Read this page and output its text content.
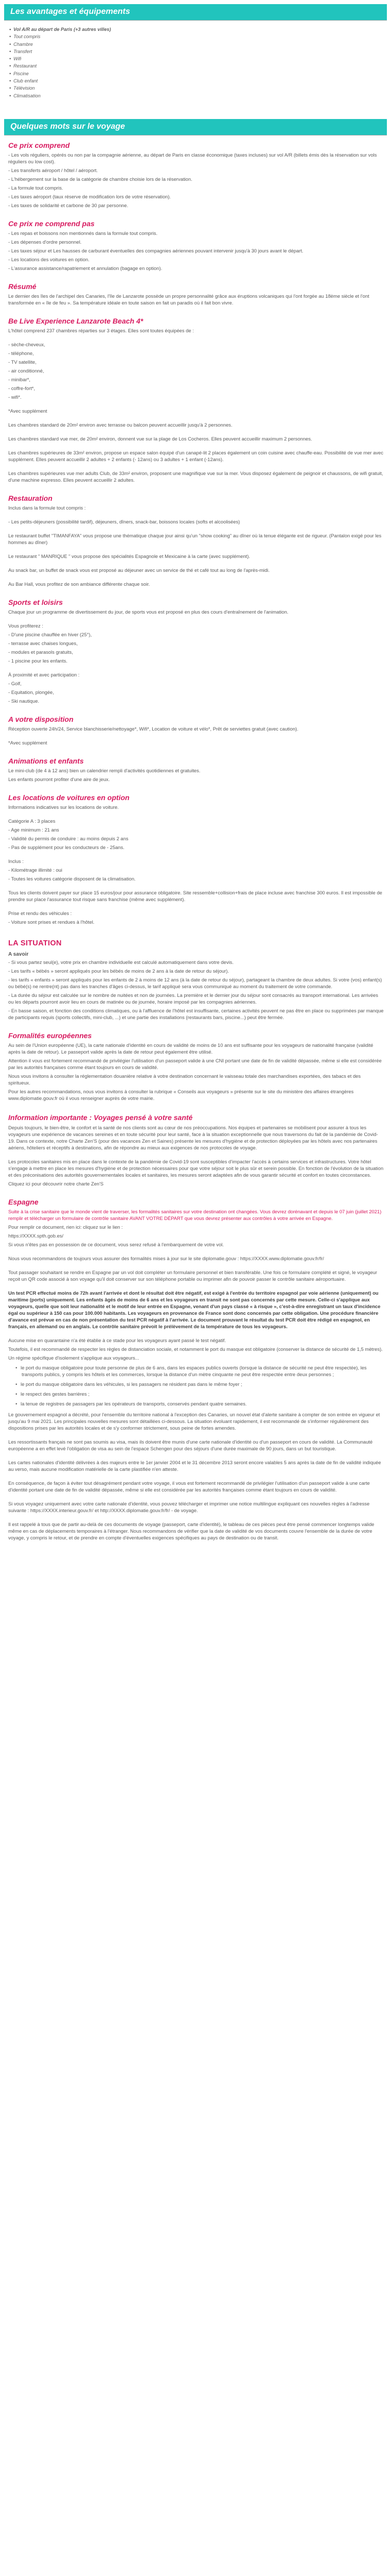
Les avantages et équipements
• Vol A/R au départ de Paris (+3 autres villes)
• Tout compris
• Chambre
• Transfert
• Wifi
• Restaurant
• Piscine
• Club enfant
• Télévision
• Climatisation
Quelques mots sur le voyage
Ce prix comprend
- Les vols réguliers, opérés ou non par la compagnie aérienne, au départ de Paris en classe économique (taxes incluses) sur vol A/R (billets émis dès la réservation sur vols réguliers ou low cost).
- Les transferts aéroport / hôtel / aéroport.
- L'hébergement sur la base de la catégorie de chambre choisie lors de la réservation.
- La formule tout compris.
- Les taxes aéroport (taux réserve de modification lors de votre réservation).
- Les taxes de solidarité et carbone de 30 par personne.
Ce prix ne comprend pas
- Les repas et boissons non mentionnés dans la formule tout compris.
- Les dépenses d'ordre personnel.
- Les taxes séjour et Les hausses de carburant éventuelles des compagnies aériennes pouvant intervenir jusqu'à 30 jours avant le départ.
- Les locations des voitures en option.
- L'assurance assistance/rapatriement et annulation (bagage en option).
Résumé
Le dernier des îles de l'archipel des Canaries, l'île de Lanzarote possède un propre personnalité grâce aux éruptions volcaniques qui l'ont forgée au 18ème siècle et l'ont transformée en « île de feu ». Sa température idéale en toute saison en fait un paradis où il fait bon vivre.
Be Live Experience Lanzarote Beach 4*
L'hôtel comprend 237 chambres réparties sur 3 étages. Elles sont toutes équipées de :
- sèche-cheveux,
- téléphone,
- TV satellite,
- air conditionné,
- minibar*,
- coffre-fort*,
- wifi*.
*Avec supplément
Les chambres standard de 20m² environ avec terrasse ou balcon peuvent accueillir jusqu'à 2 personnes.
Les chambres standard vue mer, de 20m² environ, donnent vue sur la plage de Los Cocheros. Elles peuvent accueillir maximum 2 personnes.
Les chambres supérieures de 33m² environ, propose un espace salon équipé d'un canapé-lit 2 places également un coin cuisine avec chauffe-eau. Possibilité de vue mer avec supplément. Elles peuvent accueillir 2 adultes + 2 enfants (- 12ans) ou 3 adultes + 1 enfant (-12ans).
Les chambres supérieures vue mer adults Club, de 33m² environ, proposent une magnifique vue sur la mer. Vous disposez également de peignoir et chaussons, de wifi gratuit, d'une machine expresso. Elles peuvent accueillir 2 adultes.
Restauration
Inclus dans la formule tout compris :
- Les petits-déjeuners (possibilité tardif), déjeuners, dîners, snack-bar, boissons locales (softs et alcoolisées)
Le restaurant buffet "TIMANFAYA" vous propose une thématique chaque jour ainsi qu'un "show cooking" au dîner où la tenue élégante est de rigueur. (Pantalon exigé pour les hommes au dîner)
Le restaurant " MANRIQUE " vous propose des spécialités Espagnole et Mexicaine à la carte (avec supplément).
Au snack bar, un buffet de snack vous est proposé au déjeuner avec un service de thé et café tout au long de l'après-midi.
Au Bar Hall, vous profitez de son ambiance différente chaque soir.
Sports et loisirs
Chaque jour un programme de divertissement du jour, de sports vous est proposé en plus des cours d'entraînement de l'animation.
Vous profiterez :
- D'une piscine chauffée en hiver (25°),
- terrasse avec chaises longues,
- modules et parasols gratuits,
- 1 piscine pour les enfants.
À proximité et avec participation :
- Golf,
- Equitation, plongée,
- Ski nautique.
A votre disposition
Réception ouverte 24h/24, Service blanchisserie/nettoyage*, Wifi*, Location de voiture et vélo*, Prêt de serviettes gratuit (avec caution).
*Avec supplément
Animations et enfants
Le mini-club (de 4 à 12 ans) bien un calendrier rempli d'activités quotidiennes et gratuites.
Les enfants pourront profiter d'une aire de jeux.
Les locations de voitures en option
Informations indicatives sur les locations de voiture.
Catégorie A : 3 places
- Age minimum : 21 ans
- Validité du permis de conduire : au moins depuis 2 ans
- Pas de supplément pour les conducteurs de - 25ans.
Inclus :
- Kilométrage illimité : oui
- Toutes les voitures catégorie disposent de la climatisation.
Tous les clients doivent payer sur place 15 euros/jour pour assurance obligatoire. Site ressemble+collision+frais de place incluse avec franchise 300 euros. Il est impossible de prendre sur place l'assurance tout risque sans franchise (même avec supplément).
Prise et rendu des véhicules :
- Voiture sont prises et rendues à l'hôtel.
LA SITUATION
A savoir
- Si vous partez seul(e), votre prix en chambre individuelle est calculé automatiquement dans votre devis.
- Les tarifs « bébés » seront appliqués pour les bébés de moins de 2 ans à la date de retour du séjour).
- les tarifs « enfants » seront appliqués pour les enfants de 2 à moins de 12 ans (à la date de retour du séjour), partageant la chambre de deux adultes. Si votre (vos) enfant(s) ou bébé(s) ne rentre(nt) pas dans les tranches d'âges ci-dessus, le tarif appliqué sera vous communiqué au moment du traitement de votre commande.
- La durée du séjour est calculée sur le nombre de nuitées et non de journées. La première et le dernier jour du séjour sont consacrés au transport international. Les arrivées ou les départs pourront avoir lieu en cours de matinée ou de journée, horaire imposé par les compagnies aériennes.
- En basse saison, et fonction des conditions climatiques, ou à l'affluence de l'hôtel est insuffisante, certaines activités peuvent ne pas être en place ou supprimées par manque de participants requis (sports collectifs, mini-club, ...) et une partie des installations (restaurants bars, piscine...) peut être fermée.
Formalités européennes
Au sein de l'Union européenne (UE), la carte nationale d'identité en cours de validité de moins de 10 ans est suffisante pour les voyageurs de nationalité française (validité après la date de retour). Le passeport valide après la date de retour peut également être utilisé.
Attention il vous est fortement recommandé de privilégier l'utilisation d'un passeport valide à une CNI portant une date de fin de validité dépassée, même si elle est considérée par les autorités françaises comme étant toujours en cours de validité.
Nous vous invitons à consulter la réglementation douanière relative à votre destination concernant le vaisseau totale des marchandises exportées, des tabacs et des spiritueux.
Pour les autres recommandations, nous vous invitons à consulter la rubrique « Conseils aux voyageurs » présente sur le site du ministère des affaires étrangères www.diplomatie.gouv.fr où il vous renseigner auprès de votre mairie.
Information importante : Voyages pensé à votre santé
Depuis toujours, le bien-être, le confort et la santé de nos clients sont au cœur de nos préoccupations. Nos équipes et partenaires se mobilisent pour assurer à tous les voyageurs une expérience de vacances sereines et en toute sécurité pour leur santé, face à la situation exceptionnelle que nous traversons du fait de la pandémie de Covid-19. Dans ce contexte, notre Charte Zen'S (pour des vacances Zen et Saines) présente les mesures d'hygiène et de protection déployées par les hôtels avec nos partenaires aériens, hôteliers et réceptifs à destinations, afin de répondre au mieux aux exigences de nos protocoles de voyage.
Les protocoles sanitaires mis en place dans le contexte de la pandémie de Covid-19 sont susceptibles d'impacter l'accès à certains services et infrastructures. Votre hôtel s'engage à mettre en place les mesures d'hygiène et de protection nécessaires pour que votre séjour soit le plus sûr et serein possible. En fonction de l'évolution de la situation et des préconisations des autorités gouvernementales locales et sanitaires, les mesures seront adaptées afin de vous garantir sécurité et confort en toutes circonstances.
Cliquez ici pour découvrir notre charte Zen'S
Espagne
Suite à la crise sanitaire que le monde vient de traverser, les formalités sanitaires sur votre destination ont changées. Vous devrez dorénavant et depuis le 07 juin (juillet 2021) remplir et télécharger un formulaire de contrôle sanitaire AVANT VOTRE DÉPART que vous devrez présenter aux contrôles à votre arrivée en Espagne.
Pour remplir ce document, rien ici: cliquez sur le lien :
https://XXXX.spth.gob.es/
Si vous n'êtes pas en possession de ce document, vous serez refusé à l'embarquement de votre vol.
Nous vous recommandons de toujours vous assurer des formalités mises à jour sur le site diplomatie.gouv : https://XXXX.www.diplomatie.gouv.fr/fr/
Tout passager souhaitant se rendre en Espagne par un vol doit compléter un formulaire personnel et bien transférable. Une fois ce formulaire complété et signé, le voyageur reçoit un QR code associé à son voyage qu'il doit conserver sur son téléphone portable ou imprimer afin de pouvoir passer le contrôle sanitaire aéroportuaire.
Un test PCR effectué moins de 72h avant l'arrivée et dont le résultat doit être négatif, est exigé à l'entrée du territoire espagnol par voie aérienne (uniquement) ou maritime (ports) uniquement. Les enfants âgés de moins de 6 ans et les voyageurs en transit ne sont pas concernés par cette mesure. Celle-ci s'applique aux voyageurs, quelle que soit leur nationalité et le motif de leur entrée en Espagne, venant d'un pays classé « à risque », c'est-à-dire enregistrant un taux d'incidence égal ou supérieur à 150 cas pour 100.000 habitants. Les voyageurs en provenance de France sont donc concernés par cette obligation. Une procédure financière d'avance est prévue en cas de non présentation du test PCR négatif à l'arrivée. Le document prouvant le résultat du test PCR doit être rédigé en espagnol, en français, en allemand ou en anglais. Le contrôle sanitaire prévoit le prélèvement de la température de tous les voyageurs.
Aucune mise en quarantaine n'a été établie à ce stade pour les voyageurs ayant passé le test négatif.
Toutefois, il est recommandé de respecter les règles de distanciation sociale, et notamment le port du masque est obligatoire (conserver la distance de sécurité de 1,5 mètres).
Un régime spécifique d'isolement s'applique aux voyageurs...
• le port du masque obligatoire pour toute personne de plus de 6 ans, dans les espaces publics ouverts (lorsque la distance de sécurité ne peut être respectée), les transports publics, y compris les hôtels et les commerces, lorsque la distance d'un mètre cinquante ne peut être respectée entre deux personnes ;
• le port du masque obligatoire dans les véhicules, si les passagers ne résident pas dans le même foyer ;
• le respect des gestes barrières ;
• la tenue de registres de passagers par les opérateurs de transports, conservés pendant quatre semaines.
Le gouvernement espagnol a décrété, pour l'ensemble du territoire national à l'exception des Canaries, un nouvel état d'alerte sanitaire à compter de son entrée en vigueur et jusqu'au 9 mai 2021. Les principales nouvelles mesures sont détaillées ci-dessous. La situation évoluant rapidement, il est recommandé de s'informer régulièrement des dispositions prises par les autorités locales et de s'y conformer strictement, sous peine de fortes amendes.
Les ressortissants français ne sont pas soumis au visa, mais ils doivent être munis d'une carte nationale d'identité ou d'un passeport en cours de validité. La Communauté européenne a en effet levé l'obligation de visa au sein de l'espace Schengen pour des séjours d'une durée maximale de 90 jours, dans un but touristique.
Les cartes nationales d'identité délivrées à des majeurs entre le 1er janvier 2004 et le 31 décembre 2013 seront encore valables 5 ans après la date de fin de validité indiquée au verso, mais aucune modification matérielle de la carte plastifiée n'en atteste.
En conséquence, de façon à éviter tout désagrément pendant votre voyage, il vous est fortement recommandé de privilégier l'utilisation d'un passeport valide à une carte d'identité portant une date de fin de validité dépassée, même si elle est considérée par les autorités françaises comme étant toujours en cours de validité.
Si vous voyagez uniquement avec votre carte nationale d'identité, vous pouvez télécharger et imprimer une notice multilingue expliquant ces nouvelles règles à l'adresse suivante : https://XXXX.interieur.gouv.fr/ et http://XXXX.diplomatie.gouv.fr/fr/ - de voyage.
Il est rappelé à tous que de partir au-delà de ces documents de voyage (passeport, carte d'identité), le tableau de ces pièces peut être pensé commencer longtemps valide même en cas de déplacements temporaires à l'étranger. Nous recommandons de vérifier que la date de validité de vos documents couvre l'ensemble de la durée de votre voyage, y compris le retour, et de prendre en compte d'éventuelles exigences spécifiques au pays de destination ou de transit.
